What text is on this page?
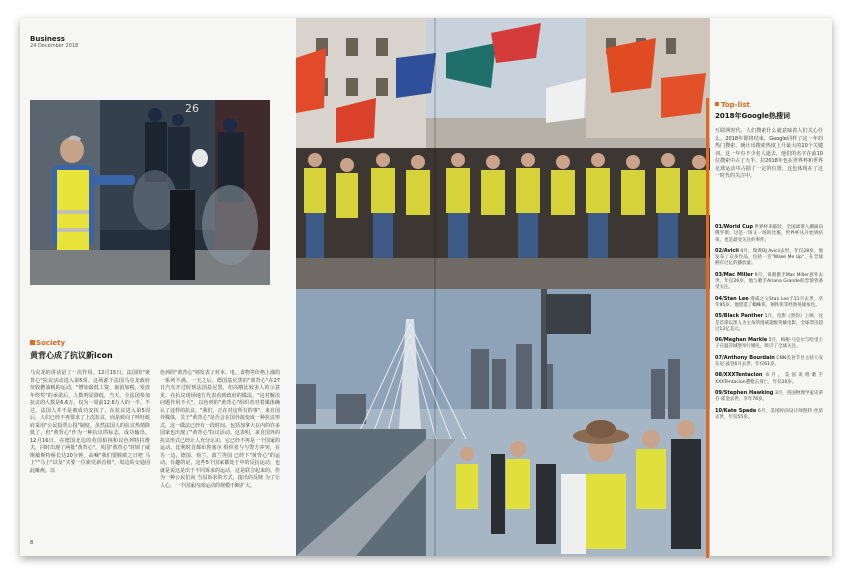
Business
24 December 2018
26
Society
黄背心成了抗议新icon
马克龙的讲话是了一次作用。12月15日，法国的"黄背心"抗议活动进入第5周。这场源于法国马克龙政府征收燃油税的运动，"增加最低工资，取消加税，发放年终奖"的承诺后，人数明显降低，当天，全法国参加抗议的人数是6.6万，仅为一周前12.6万人的一半。不过，法国人并不是被成功安抚了，在抗议进入第5周后，人们已经不再要求了上次抗议，而是转向了呼吁政府采用"公民投票公投"制度。虽然法国人的抗议热情降低了，但"黄背心"作为一种抗议的标志，成功输出。12月16日，在德国北边的英国柏林和以色列特拉维夫，同时出现了两批"黄背心"。英国"黄背心"封锁了威斯敏斯特桥长达20分钟，高喊"我们要脱欧之日吧 马上""马上"以及"买要一位新党新首相"，周边的交通因此瘫痪。以
色列的"黄背心"则发表了对本、电、食物等价格上涨的一系列不满。一天之后，德国基尼黑的"黄背心"在27日汽车开过时到法国基尼黑，但高哦比较多人的示意见。在抗议现场地方代表看到政府的做法，"这对解决问题作用不大"，以色列的"黄背心"组织者对着媒体确认了这样的抗议，"我们，正在对这所有的事"。来自国外媒体，关于"黄背心"是否会在国外演变成一种抗议形式，这一做法已经有一段时间。包括加拿大在内的许多国家也出现了"黄背心"抗议活动。这表明，来自国外的抗议形式已经让人充分认识，它已经不再是一个国家的运动。比利时首都布鲁塞尔 组织者与与警方冲突，在另一边，德国、荷兰，波兰等国 已经下"黄背心"的运动。有趣的是，这些5个国家都处于中的反抗运动，也就是说这是出于不同诉求的运动，这是联合起来的。作为一种公民们向 当局诉求的方式，提出的反映 为了让人心，一个国家内部运动的规模不断扩大。
8
Top-list
2018年Google热搜词
互联网时代，人们搜索什么就意味着人们关心什么。2018年即将结束，Google同样了这一年的热门搜索。统计出搜索热度上升最大的10个关键词，这一年有不少名人逝去，他们的名字在前10位搜索中占了大半。拉2018年也在世界杯和世界足球运动中占据了一定的位置，这也体现在了这一时代的关注中。
01/World Cup 世界杯来临时，全国球迷人潮涌向俄罗斯，这是一场又一场的比赛，世界杯从开始到结束，也是最受关注的事件。
02/Avicii 4月，瑞典DJ Avicii去世，年仅28岁，他发布了众多作品，包括一首"Wake Me Up"，在全球拥有过亿的播放量。
03/Mac Miller 9月，说唱歌手Mac Miller意外去世，年仅26岁，他与歌手Ariana Grande的恋情曾备受关注。
04/Stan Lee 漫威之父Stan Lee于11月去世，享年95岁。他创造了蜘蛛侠、钢铁侠等经典英雄角色。
05/Black Panther 1月，电影《黑豹》上映，这是首部以黑人为主角的漫威超级英雄电影，全球票房超过13亿美元。
06/Meghan Markle 5月，梅根·马克尔与哈里王子在温莎城堡举行婚礼，吸引了全球关注。
07/Anthony Bourdain CNN美食节目主持人安东尼·波登6月去世，年仅61岁。
08/XXXTentacion 6月，美国说唱歌手XXXTentacion遭枪击身亡，年仅20岁。
09/Stephen Hawking 3月，英国物理学家史蒂芬·霍金去世，享年76岁。
10/Kate Spade 6月，美国时尚设计师凯特·丝蓓去世，年仅55岁。
